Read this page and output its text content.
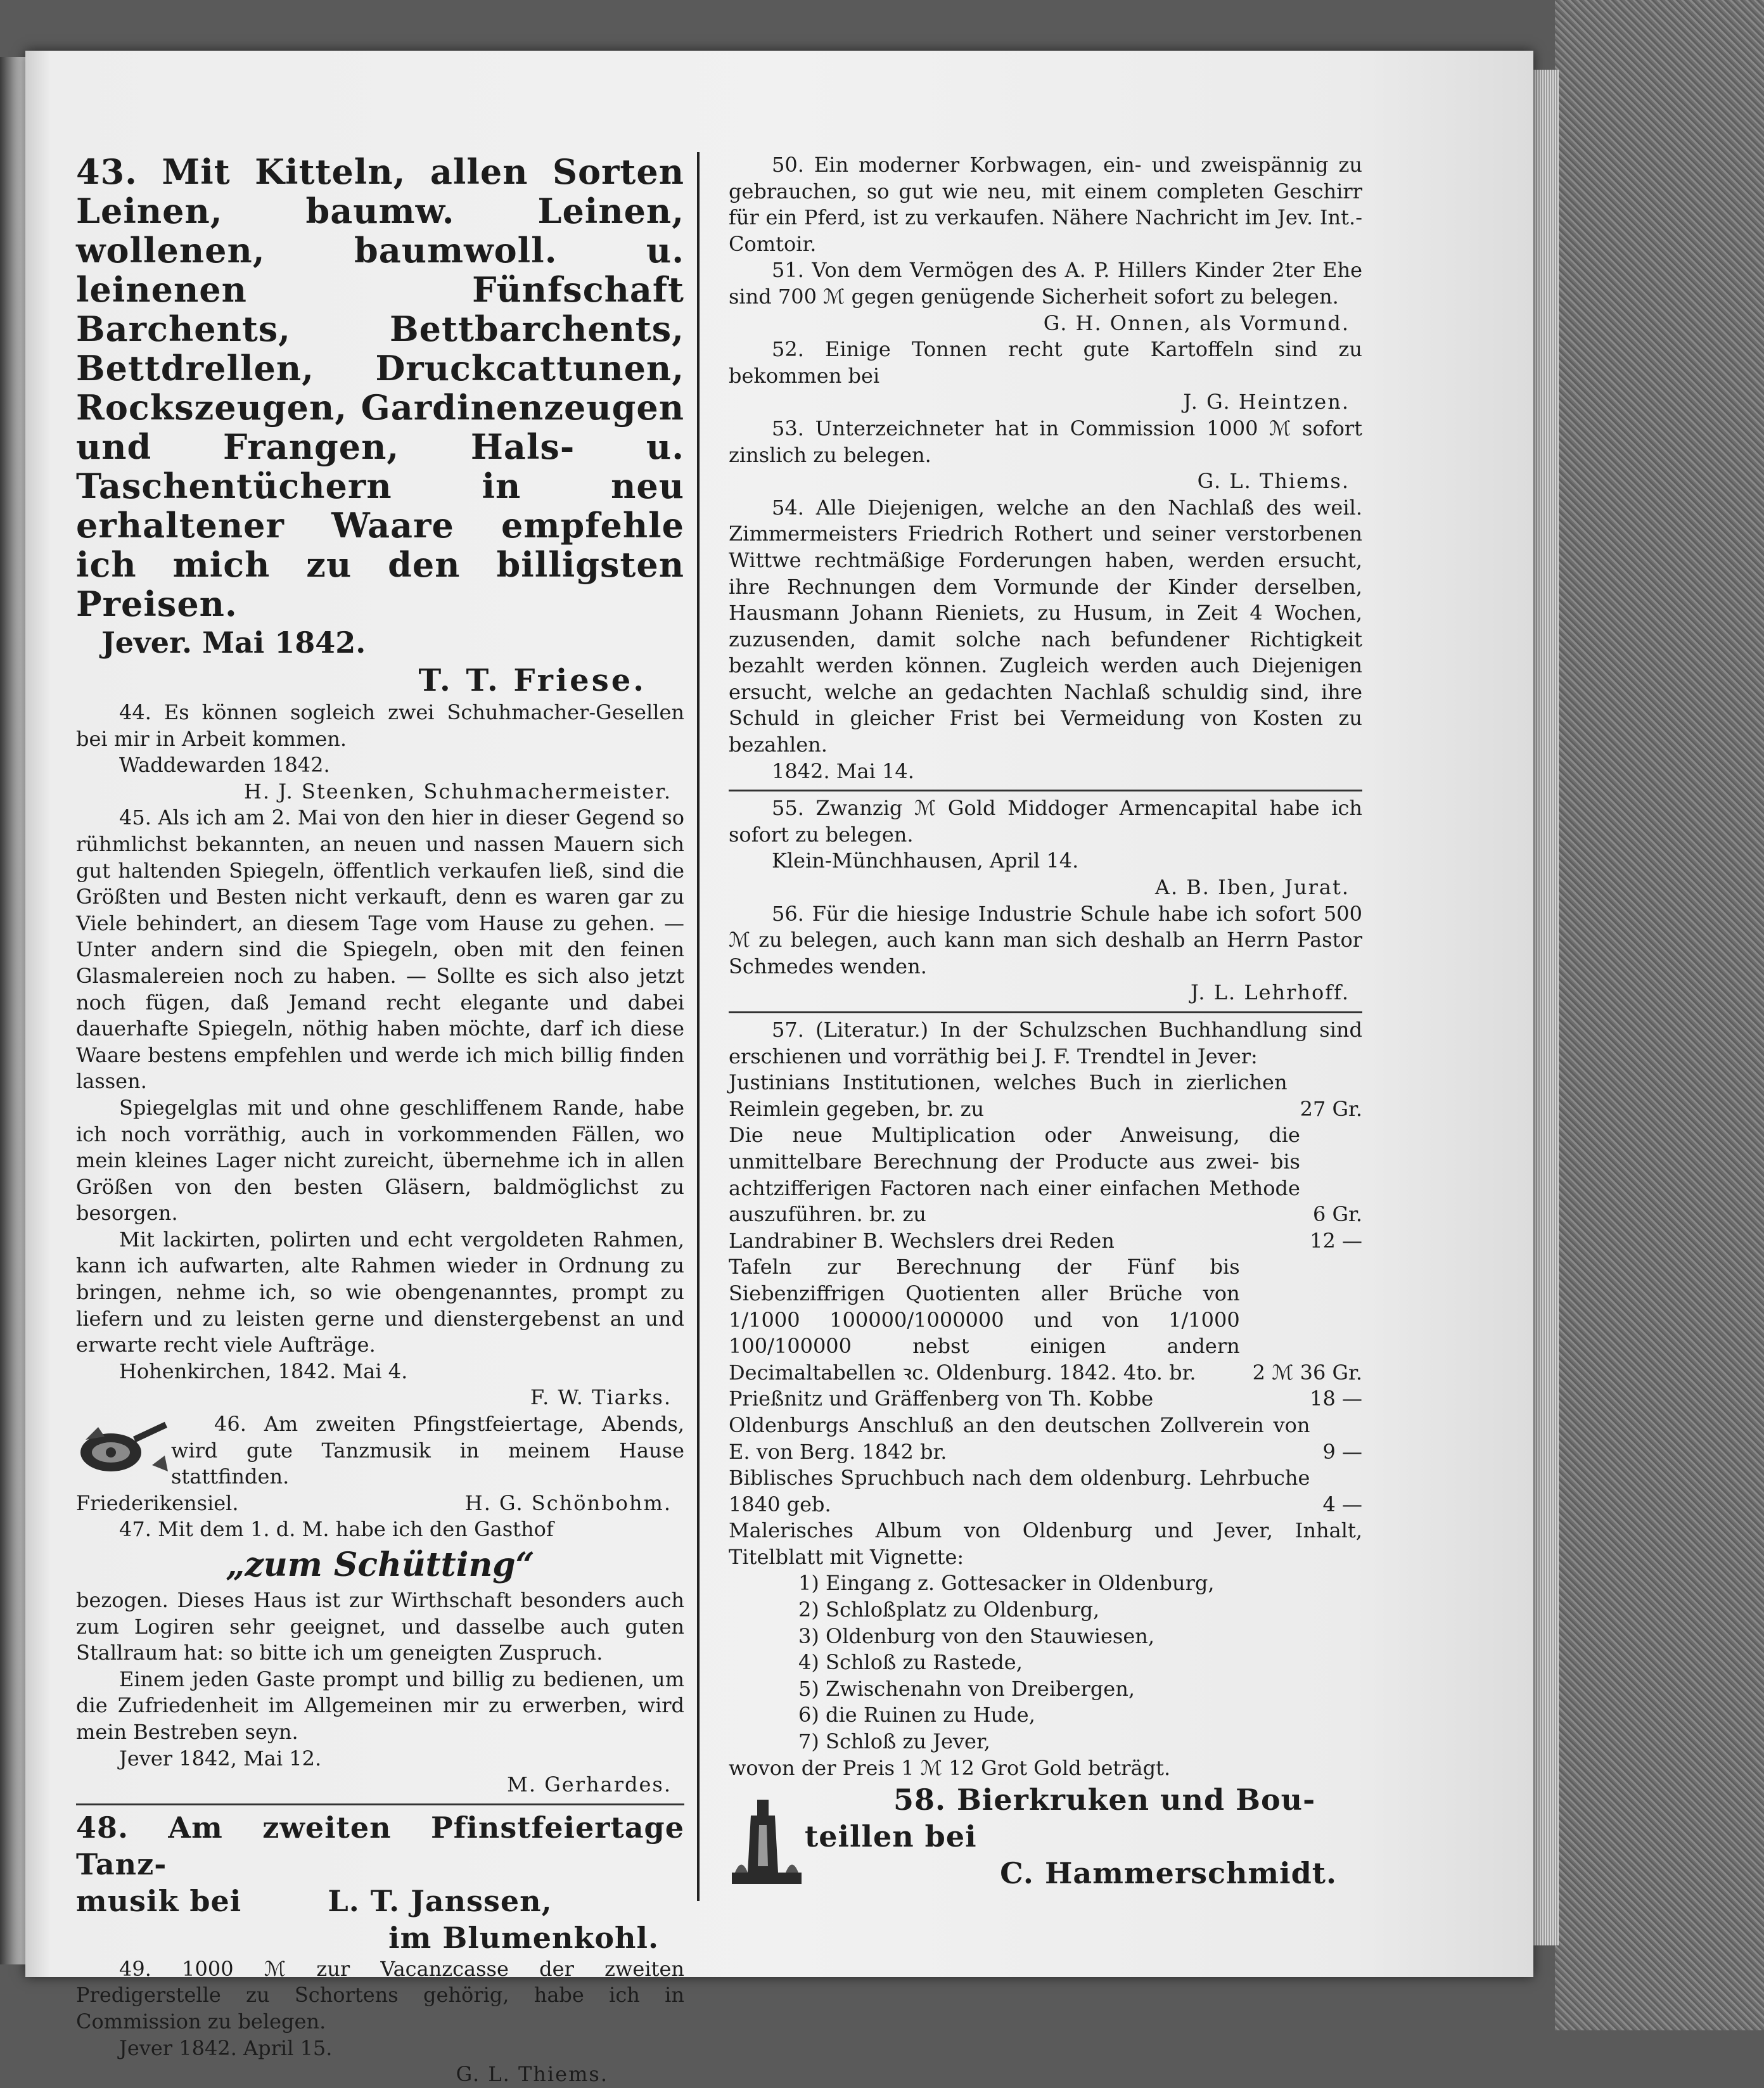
43. Mit Kitteln, allen Sorten Leinen, baumw. Leinen, wollenen, baumwoll. u. leinenen Fünfschaft Barchents, Bettbarchents, Bettdrellen, Druckcattunen, Rockszeugen, Gardinenzeugen und Frangen, Hals- u. Taschentüchern in neu erhaltener Waare empfehle ich mich zu den billigsten Preisen.

Jever. Mai 1842.

T. T. Friese.

44. Es können sogleich zwei Schuhmacher-Gesellen bei mir in Arbeit kommen.

Waddewarden 1842.

H. J. Steenken, Schuhmachermeister.

45. Als ich am 2. Mai von den hier in dieser Gegend so rühmlichst bekannten, an neuen und nassen Mauern sich gut haltenden Spiegeln, öffentlich verkaufen ließ, sind die Größten und Besten nicht verkauft, denn es waren gar zu Viele behindert, an diesem Tage vom Hause zu gehen. — Unter andern sind die Spiegeln, oben mit den feinen Glasmalereien noch zu haben. — Sollte es sich also jetzt noch fügen, daß Jemand recht elegante und dabei dauerhafte Spiegeln, nöthig haben möchte, darf ich diese Waare bestens empfehlen und werde ich mich billig finden lassen.

Spiegelglas mit und ohne geschliffenem Rande, habe ich noch vorräthig, auch in vorkommenden Fällen, wo mein kleines Lager nicht zureicht, übernehme ich in allen Größen von den besten Gläsern, baldmöglichst zu besorgen.

Mit lackirten, polirten und echt vergoldeten Rahmen, kann ich aufwarten, alte Rahmen wieder in Ordnung zu bringen, nehme ich, so wie obengenanntes, prompt zu liefern und zu leisten gerne und dienstergebenst an und erwarte recht viele Aufträge.

Hohenkirchen, 1842. Mai 4.

F. W. Tiarks.

46. Am zweiten Pfingstfeiertage, Abends, wird gute Tanzmusik in meinem Hause stattfinden.

Friederikensiel.	H. G. Schönbohm.

47. Mit dem 1. d. M. habe ich den Gasthof

„zum Schütting“

bezogen. Dieses Haus ist zur Wirthschaft besonders auch zum Logiren sehr geeignet, und dasselbe auch guten Stallraum hat: so bitte ich um geneigten Zuspruch.

Einem jeden Gaste prompt und billig zu bedienen, um die Zufriedenheit im Allgemeinen mir zu erwerben, wird mein Bestreben seyn.

Jever 1842, Mai 12.

M. Gerhardes.

48. Am zweiten Pfinstfeiertage Tanz-

musik bei        L. T. Janssen,

im Blumenkohl.

49. 1000 ℳ zur Vacanzcasse der zweiten Predigerstelle zu Schortens gehörig, habe ich in Commission zu belegen.

Jever 1842. April 15.

G. L. Thiems.

50. Ein moderner Korbwagen, ein- und zweispännig zu gebrauchen, so gut wie neu, mit einem completen Geschirr für ein Pferd, ist zu verkaufen. Nähere Nachricht im Jev. Int.-Comtoir.

51. Von dem Vermögen des A. P. Hillers Kinder 2ter Ehe sind 700 ℳ gegen genügende Sicherheit sofort zu belegen.

G. H. Onnen, als Vormund.

52. Einige Tonnen recht gute Kartoffeln sind zu bekommen bei

J. G. Heintzen.

53. Unterzeichneter hat in Commission 1000 ℳ sofort zinslich zu belegen.

G. L. Thiems.

54. Alle Diejenigen, welche an den Nachlaß des weil. Zimmermeisters Friedrich Rothert und seiner verstorbenen Wittwe rechtmäßige Forderungen haben, werden ersucht, ihre Rechnungen dem Vormunde der Kinder derselben, Hausmann Johann Rieniets, zu Husum, in Zeit 4 Wochen, zuzusenden, damit solche nach befundener Richtigkeit bezahlt werden können. Zugleich werden auch Diejenigen ersucht, welche an gedachten Nachlaß schuldig sind, ihre Schuld in gleicher Frist bei Vermeidung von Kosten zu bezahlen.

1842. Mai 14.

55. Zwanzig ℳ Gold Middoger Armencapital habe ich sofort zu belegen.

Klein-Münchhausen, April 14.

A. B. Iben, Jurat.

56. Für die hiesige Industrie Schule habe ich sofort 500 ℳ zu belegen, auch kann man sich deshalb an Herrn Pastor Schmedes wenden.

J. L. Lehrhoff.

57. (Literatur.) In der Schulzschen Buchhandlung sind erschienen und vorräthig bei J. F. Trendtel in Jever:

Justinians Institutionen, welches Buch in zierlichen Reimlein gegeben, br. zu	27 Gr.
Die neue Multiplication oder Anweisung, die unmittelbare Berechnung der Producte aus zwei- bis achtzifferigen Factoren nach einer einfachen Methode auszuführen. br. zu	6 Gr.
Landrabiner B. Wechslers drei Reden	12 —
Tafeln zur Berechnung der Fünf bis Siebenziffrigen Quotienten aller Brüche von 1/1000 100000/1000000 und von 1/1000 100/100000 nebst einigen andern Decimaltabellen ꝛc. Oldenburg. 1842. 4to. br.	2 ℳ 36 Gr.
Prießnitz und Gräffenberg von Th. Kobbe	18 —
Oldenburgs Anschluß an den deutschen Zollverein von E. von Berg. 1842 br.	9 —
Biblisches Spruchbuch nach dem oldenburg. Lehrbuche 1840 geb.	4 —

Malerisches Album von Oldenburg und Jever, Inhalt, Titelblatt mit Vignette:

1) Eingang z. Gottesacker in Oldenburg,

2) Schloßplatz zu Oldenburg,

3) Oldenburg von den Stauwiesen,

4) Schloß zu Rastede,

5) Zwischenahn von Dreibergen,

6) die Ruinen zu Hude,

7) Schloß zu Jever,

wovon der Preis 1 ℳ 12 Grot Gold beträgt.

58. Bierkruken und Bou-

teillen bei

C. Hammerschmidt.
